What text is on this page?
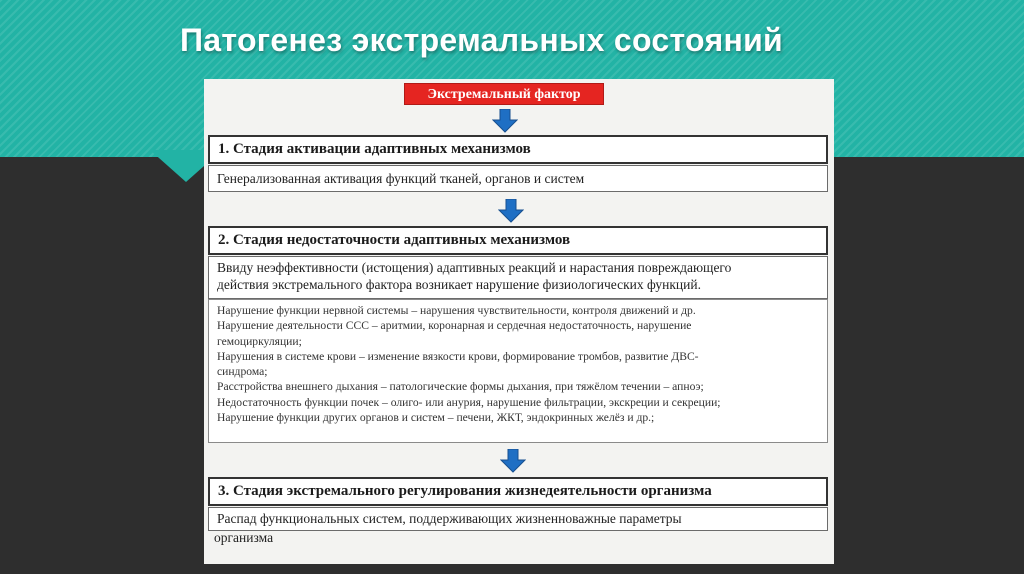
Патогенез экстремальных состояний
Экстремальный фактор
1. Стадия активации адаптивных механизмов
Генерализованная активация функций тканей, органов и систем
2. Стадия недостаточности адаптивных механизмов
Ввиду неэффективности (истощения) адаптивных реакций и нарастания повреждающего
действия экстремального фактора возникает нарушение физиологических функций.
Нарушение функции нервной системы – нарушения чувствительности, контроля движений и др.
Нарушение деятельности ССС – аритмии, коронарная и сердечная недостаточность, нарушение
гемоциркуляции;
Нарушения в системе крови – изменение вязкости крови, формирование тромбов, развитие ДВС-
синдрома;
Расстройства внешнего дыхания – патологические формы дыхания, при тяжёлом течении – апноэ;
Недостаточность функции почек – олиго- или анурия, нарушение фильтрации, экскреции и секреции;
Нарушение функции других органов и систем – печени, ЖКТ, эндокринных желёз и др.;
3. Стадия экстремального регулирования жизнедеятельности организма
Распад функциональных систем, поддерживающих жизненноважные параметры
организма
